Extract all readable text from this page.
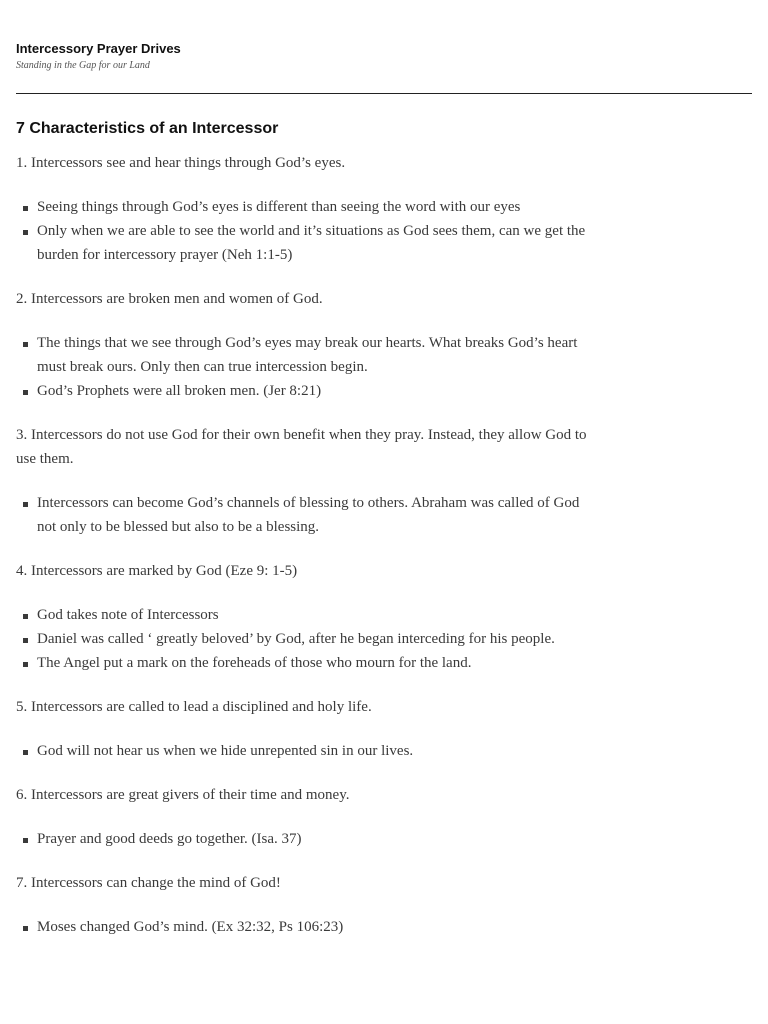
Intercessory Prayer Drives
Standing in the Gap for our Land
7 Characteristics of an Intercessor

1. Intercessors see and hear things through God’s eyes.

Seeing things through God’s eyes is different than seeing the word with our eyes
Only when we are able to see the world and it’s situations as God sees them, can we get the burden for intercessory prayer (Neh 1:1-5)

2. Intercessors are broken men and women of God.

The things that we see through God’s eyes may break our hearts. What breaks God’s heart must break ours. Only then can true intercession begin.
God’s Prophets were all broken men. (Jer 8:21)

3. Intercessors do not use God for their own benefit when they pray. Instead, they allow God to use them.

Intercessors can become God’s channels of blessing to others. Abraham was called of God not only to be blessed but also to be a blessing.

4. Intercessors are marked by God (Eze 9: 1-5)

God takes note of Intercessors
Daniel was called ‘ greatly beloved’ by God, after he began interceding for his people.
The Angel put a mark on the foreheads of those who mourn for the land.

5. Intercessors are called to lead a disciplined and holy life.

God will not hear us when we hide unrepented sin in our lives.

6. Intercessors are great givers of their time and money.

Prayer and good deeds go together. (Isa. 37)

7. Intercessors can change the mind of God!

Moses changed God’s mind. (Ex 32:32, Ps 106:23)
